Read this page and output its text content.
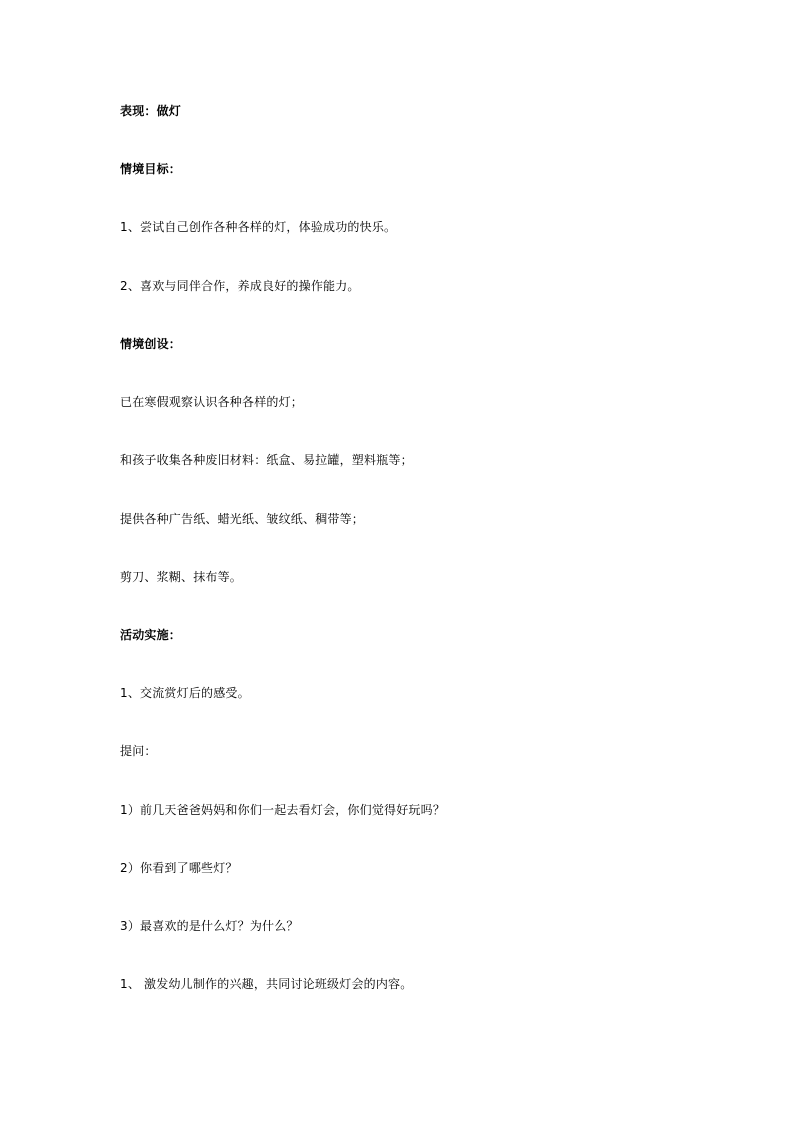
表现：做灯
情境目标：
1、尝试自己创作各种各样的灯，体验成功的快乐。
2、喜欢与同伴合作，养成良好的操作能力。
情境创设：
已在寒假观察认识各种各样的灯；
和孩子收集各种废旧材料：纸盒、易拉罐，塑料瓶等；
提供各种广告纸、蜡光纸、皱纹纸、稠带等；
剪刀、浆糊、抹布等。
活动实施：
1、交流赏灯后的感受。
提问：
1）前几天爸爸妈妈和你们一起去看灯会，你们觉得好玩吗？
2）你看到了哪些灯？
3）最喜欢的是什么灯？为什么？
1、 激发幼儿制作的兴趣，共同讨论班级灯会的内容。
